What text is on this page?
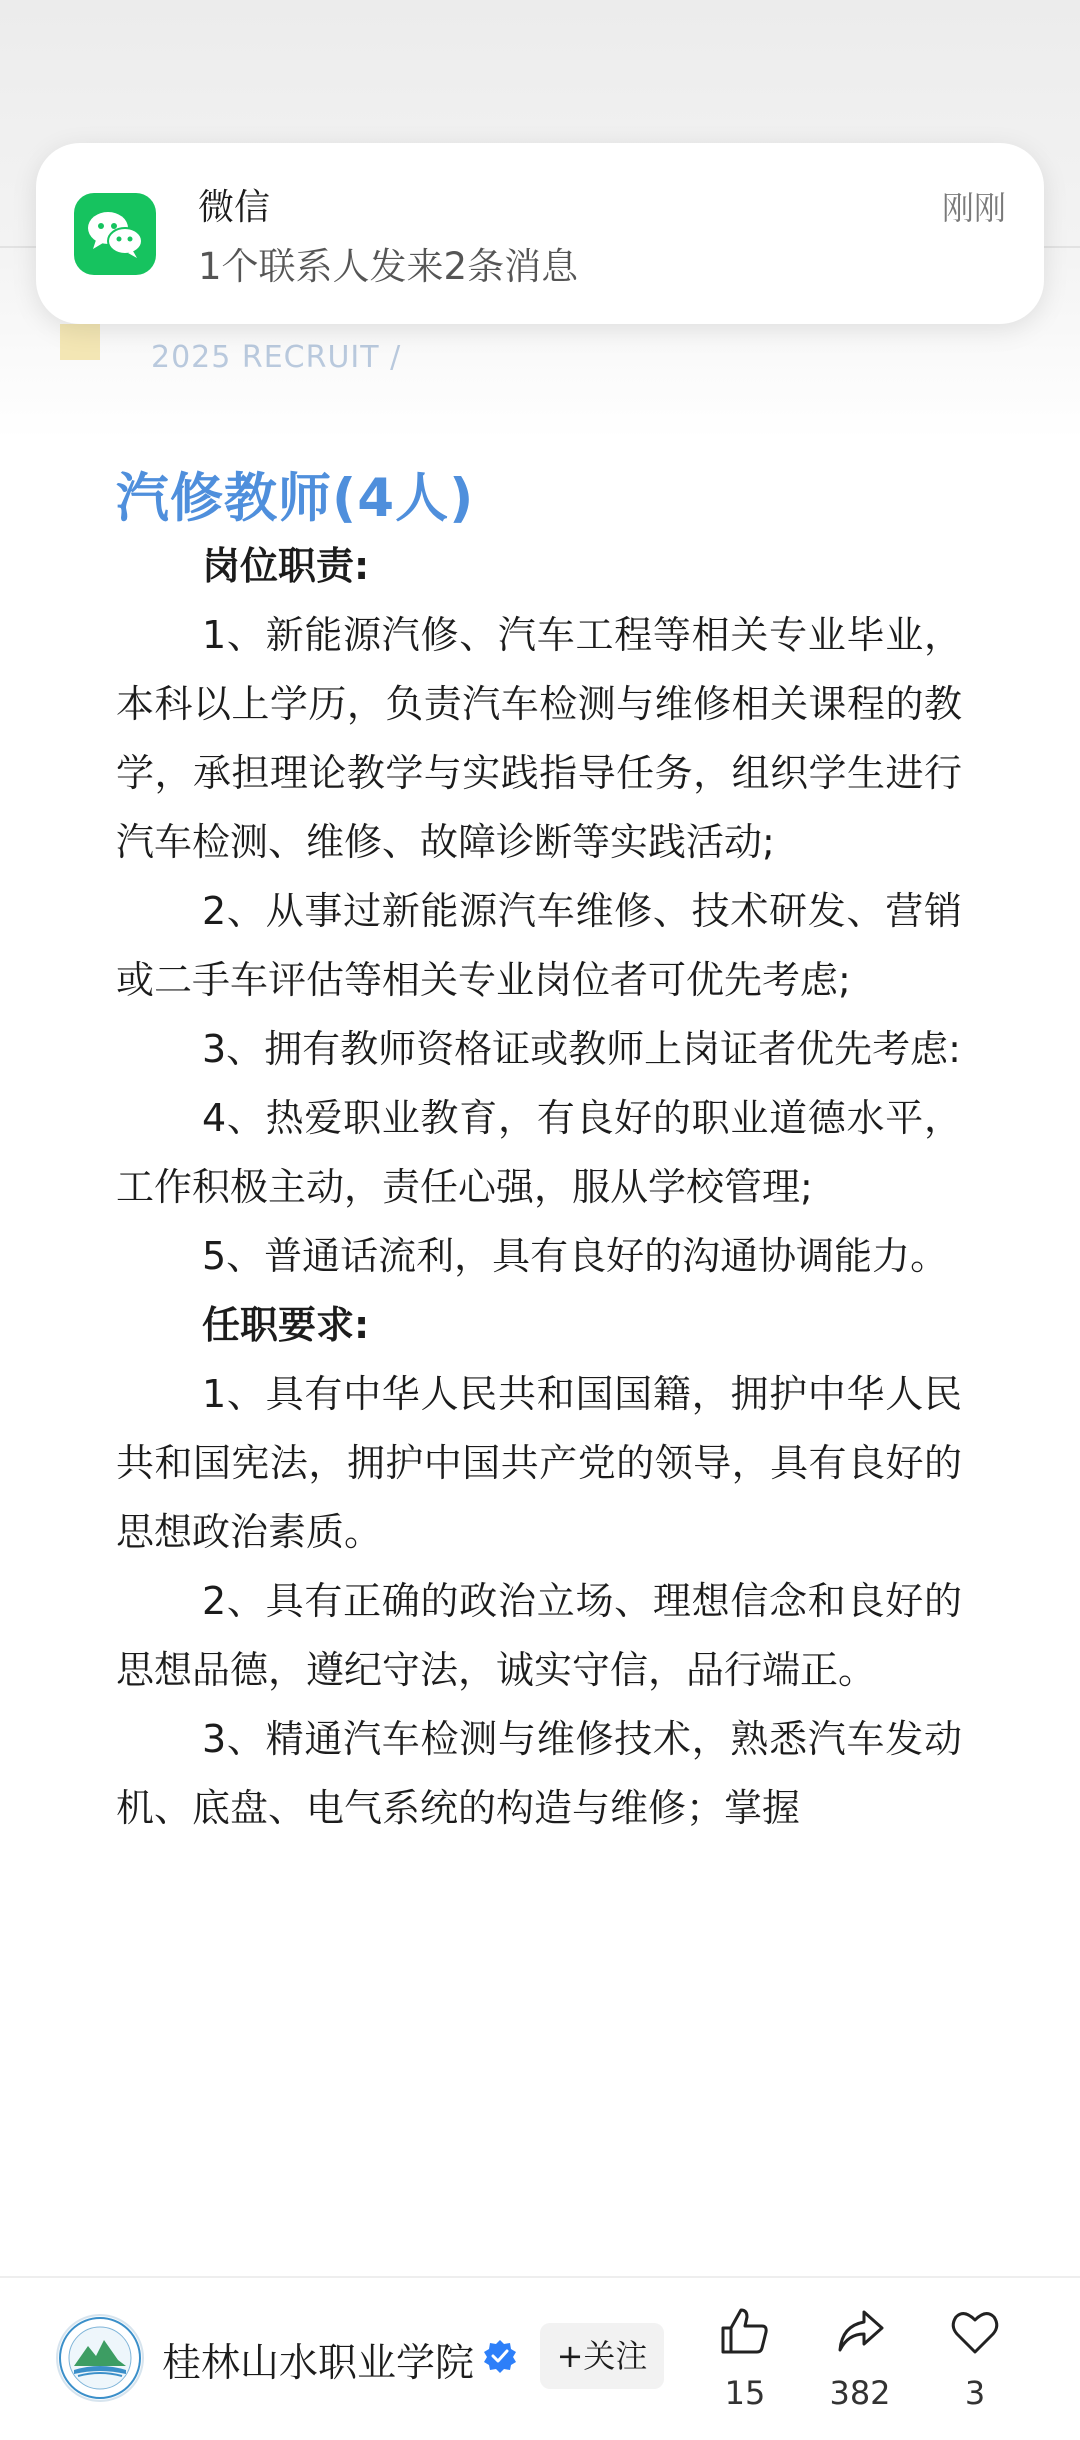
2025 RECRUIT /
微信
1个联系人发来2条消息
刚刚
汽修教师(4人)

岗位职责:

1、新能源汽修、汽车工程等相关专业毕业，本科以上学历，负责汽车检测与维修相关课程的教学，承担理论教学与实践指导任务，组织学生进行汽车检测、维修、故障诊断等实践活动;

2、从事过新能源汽车维修、技术研发、营销或二手车评估等相关专业岗位者可优先考虑;

3、拥有教师资格证或教师上岗证者优先考虑:

4、热爱职业教育，有良好的职业道德水平，工作积极主动，责任心强，服从学校管理;

5、普通话流利，具有良好的沟通协调能力。

任职要求:

1、具有中华人民共和国国籍，拥护中华人民共和国宪法，拥护中国共产党的领导，具有良好的思想政治素质。

2、具有正确的政治立场、理想信念和良好的思想品德，遵纪守法，诚实守信，品行端正。

3、精通汽车检测与维修技术，熟悉汽车发动机、底盘、电气系统的构造与维修；掌握

桂林山水职业学院	+关注
15	382	3
